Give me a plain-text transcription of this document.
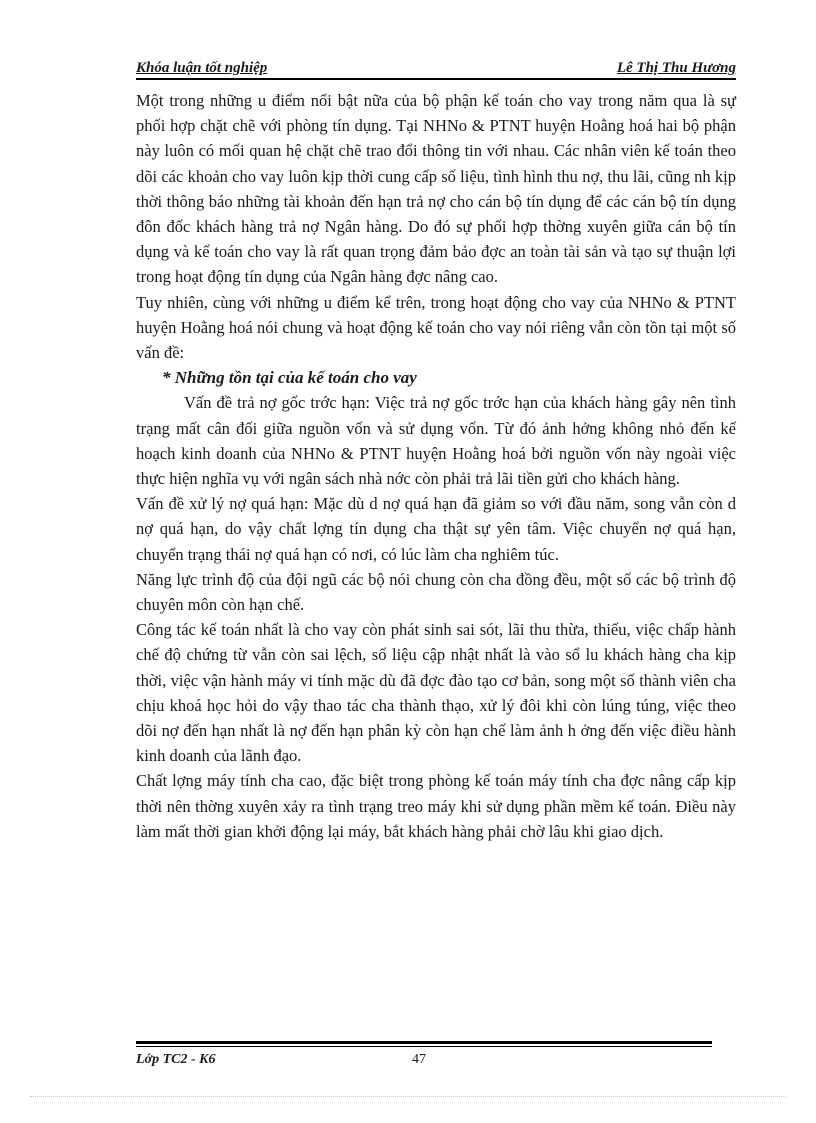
Khóa luận tốt nghiệp	Lê Thị Thu Hương

Một trong những u điểm nổi bật nữa của bộ phận kế toán cho vay trong năm qua là sự phối hợp chặt chẽ với phòng tín dụng. Tại NHNo & PTNT huyện Hoằng hoá hai bộ phận này luôn có mối quan hệ chặt chẽ trao đổi thông tin với nhau. Các nhân viên kế toán theo dõi các khoản cho vay luôn kịp thời cung cấp số liệu, tình hình thu nợ, thu lãi, cũng nh kịp thời thông báo những tài khoản đến hạn trả nợ cho cán bộ tín dụng để các cán bộ tín dụng đôn đốc khách hàng trả nợ Ngân hàng. Do đó sự phối hợp thờng xuyên giữa cán bộ tín dụng và kế toán cho vay là rất quan trọng đảm bảo đợc an toàn tài sản và tạo sự thuận lợi trong hoạt động tín dụng của Ngân hàng đợc nâng cao.

Tuy nhiên, cùng với những u điểm kể trên, trong hoạt động cho vay của NHNo & PTNT huyện Hoằng hoá nói chung và hoạt động kế toán cho vay nói riêng vẫn còn tồn tại một số vấn đề:

* Những tồn tại của kế toán cho vay

Vấn đề trả nợ gốc trớc hạn: Việc trả nợ gốc trớc hạn của khách hàng gây nên tình trạng mất cân đối giữa nguồn vốn và sử dụng vốn. Từ đó ảnh hởng không nhỏ đến kế hoạch kinh doanh của NHNo & PTNT huyện Hoằng hoá bởi nguồn vốn này ngoài việc thực hiện nghĩa vụ với ngân sách nhà nớc còn phải trả lãi tiền gửi cho khách hàng.

Vấn đề xử lý nợ quá hạn: Mặc dù d nợ quá hạn đã giảm so với đầu năm, song vẫn còn d nợ quá hạn, do vậy chất lợng tín dụng cha thật sự yên tâm. Việc chuyển nợ quá hạn, chuyển trạng thái nợ quá hạn có nơi, có lúc làm cha nghiêm túc.

Năng lực trình độ của đội ngũ các bộ nói chung còn cha đồng đều, một số các bộ trình độ chuyên môn còn hạn chế.

Công tác kế toán nhất là cho vay còn phát sinh sai sót, lãi thu thừa, thiếu, việc chấp hành chế độ chứng từ vẫn còn sai lệch, số liệu cập nhật nhất là vào sổ lu khách hàng cha kịp thời, việc vận hành máy vi tính mặc dù đã đợc đào tạo cơ bản, song một số thành viên cha chịu khoá học hỏi do vậy thao tác cha thành thạo, xử lý đôi khi còn lúng túng, việc theo dõi nợ đến hạn nhất là nợ đến hạn phân kỳ còn hạn chế làm ảnh h ởng đến việc điều hành kinh doanh của lãnh đạo.

Chất lợng máy tính cha cao, đặc biệt trong phòng kế toán máy tính cha đợc nâng cấp kịp thời nên thờng xuyên xảy ra tình trạng treo máy khi sử dụng phần mềm kế toán. Điều này làm mất thời gian khởi động lại máy, bắt khách hàng phải chờ lâu khi giao dịch.

Lớp TC2 - K6	47
